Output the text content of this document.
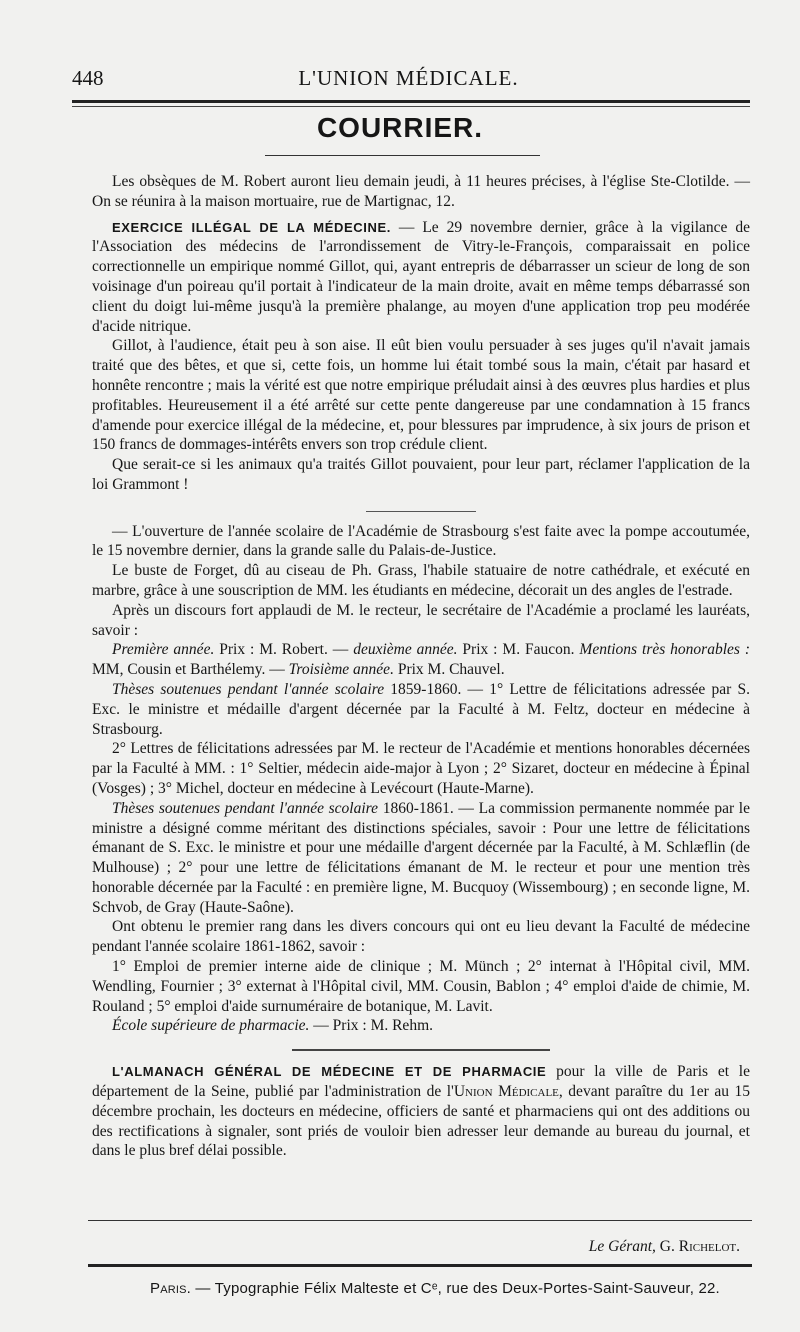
448	L'UNION MÉDICALE.
COURRIER.

Les obsèques de M. Robert auront lieu demain jeudi, à 11 heures précises, à l'église Ste-Clotilde. — On se réunira à la maison mortuaire, rue de Martignac, 12.

EXERCICE ILLÉGAL DE LA MÉDECINE. — Le 29 novembre dernier, grâce à la vigilance de l'Association des médecins de l'arrondissement de Vitry-le-François, comparaissait en police correctionnelle un empirique nommé Gillot, qui, ayant entrepris de débarrasser un scieur de long de son voisinage d'un poireau qu'il portait à l'indicateur de la main droite, avait en même temps débarrassé son client du doigt lui-même jusqu'à la première phalange, au moyen d'une application trop peu modérée d'acide nitrique.

Gillot, à l'audience, était peu à son aise. Il eût bien voulu persuader à ses juges qu'il n'avait jamais traité que des bêtes, et que si, cette fois, un homme lui était tombé sous la main, c'était par hasard et honnête rencontre ; mais la vérité est que notre empirique préludait ainsi à des œuvres plus hardies et plus profitables. Heureusement il a été arrêté sur cette pente dangereuse par une condamnation à 15 francs d'amende pour exercice illégal de la médecine, et, pour blessures par imprudence, à six jours de prison et 150 francs de dommages-intérêts envers son trop crédule client.

Que serait-ce si les animaux qu'a traités Gillot pouvaient, pour leur part, réclamer l'application de la loi Grammont !

— L'ouverture de l'année scolaire de l'Académie de Strasbourg s'est faite avec la pompe accoutumée, le 15 novembre dernier, dans la grande salle du Palais-de-Justice.

Le buste de Forget, dû au ciseau de Ph. Grass, l'habile statuaire de notre cathédrale, et exécuté en marbre, grâce à une souscription de MM. les étudiants en médecine, décorait un des angles de l'estrade.

Après un discours fort applaudi de M. le recteur, le secrétaire de l'Académie a proclamé les lauréats, savoir :

Première année. Prix : M. Robert. — deuxième année. Prix : M. Faucon. Mentions très honorables : MM, Cousin et Barthélemy. — Troisième année. Prix M. Chauvel.

Thèses soutenues pendant l'année scolaire 1859-1860. — 1° Lettre de félicitations adressée par S. Exc. le ministre et médaille d'argent décernée par la Faculté à M. Feltz, docteur en médecine à Strasbourg.

2° Lettres de félicitations adressées par M. le recteur de l'Académie et mentions honorables décernées par la Faculté à MM. : 1° Seltier, médecin aide-major à Lyon ; 2° Sizaret, docteur en médecine à Épinal (Vosges) ; 3° Michel, docteur en médecine à Levécourt (Haute-Marne).

Thèses soutenues pendant l'année scolaire 1860-1861. — La commission permanente nommée par le ministre a désigné comme méritant des distinctions spéciales, savoir : Pour une lettre de félicitations émanant de S. Exc. le ministre et pour une médaille d'argent décernée par la Faculté, à M. Schlæflin (de Mulhouse) ; 2° pour une lettre de félicitations émanant de M. le recteur et pour une mention très honorable décernée par la Faculté : en première ligne, M. Bucquoy (Wissembourg) ; en seconde ligne, M. Schvob, de Gray (Haute-Saône).

Ont obtenu le premier rang dans les divers concours qui ont eu lieu devant la Faculté de médecine pendant l'année scolaire 1861-1862, savoir :

1° Emploi de premier interne aide de clinique ; M. Münch ; 2° internat à l'Hôpital civil, MM. Wendling, Fournier ; 3° externat à l'Hôpital civil, MM. Cousin, Bablon ; 4° emploi d'aide de chimie, M. Rouland ; 5° emploi d'aide surnuméraire de botanique, M. Lavit.

École supérieure de pharmacie. — Prix : M. Rehm.

L'ALMANACH GÉNÉRAL DE MÉDECINE ET DE PHARMACIE pour la ville de Paris et le département de la Seine, publié par l'administration de l'Union Médicale, devant paraître du 1er au 15 décembre prochain, les docteurs en médecine, officiers de santé et pharmaciens qui ont des additions ou des rectifications à signaler, sont priés de vouloir bien adresser leur demande au bureau du journal, et dans le plus bref délai possible.

Le Gérant, G. Richelot.
Paris. — Typographie Félix Malteste et Cᵉ, rue des Deux-Portes-Saint-Sauveur, 22.
